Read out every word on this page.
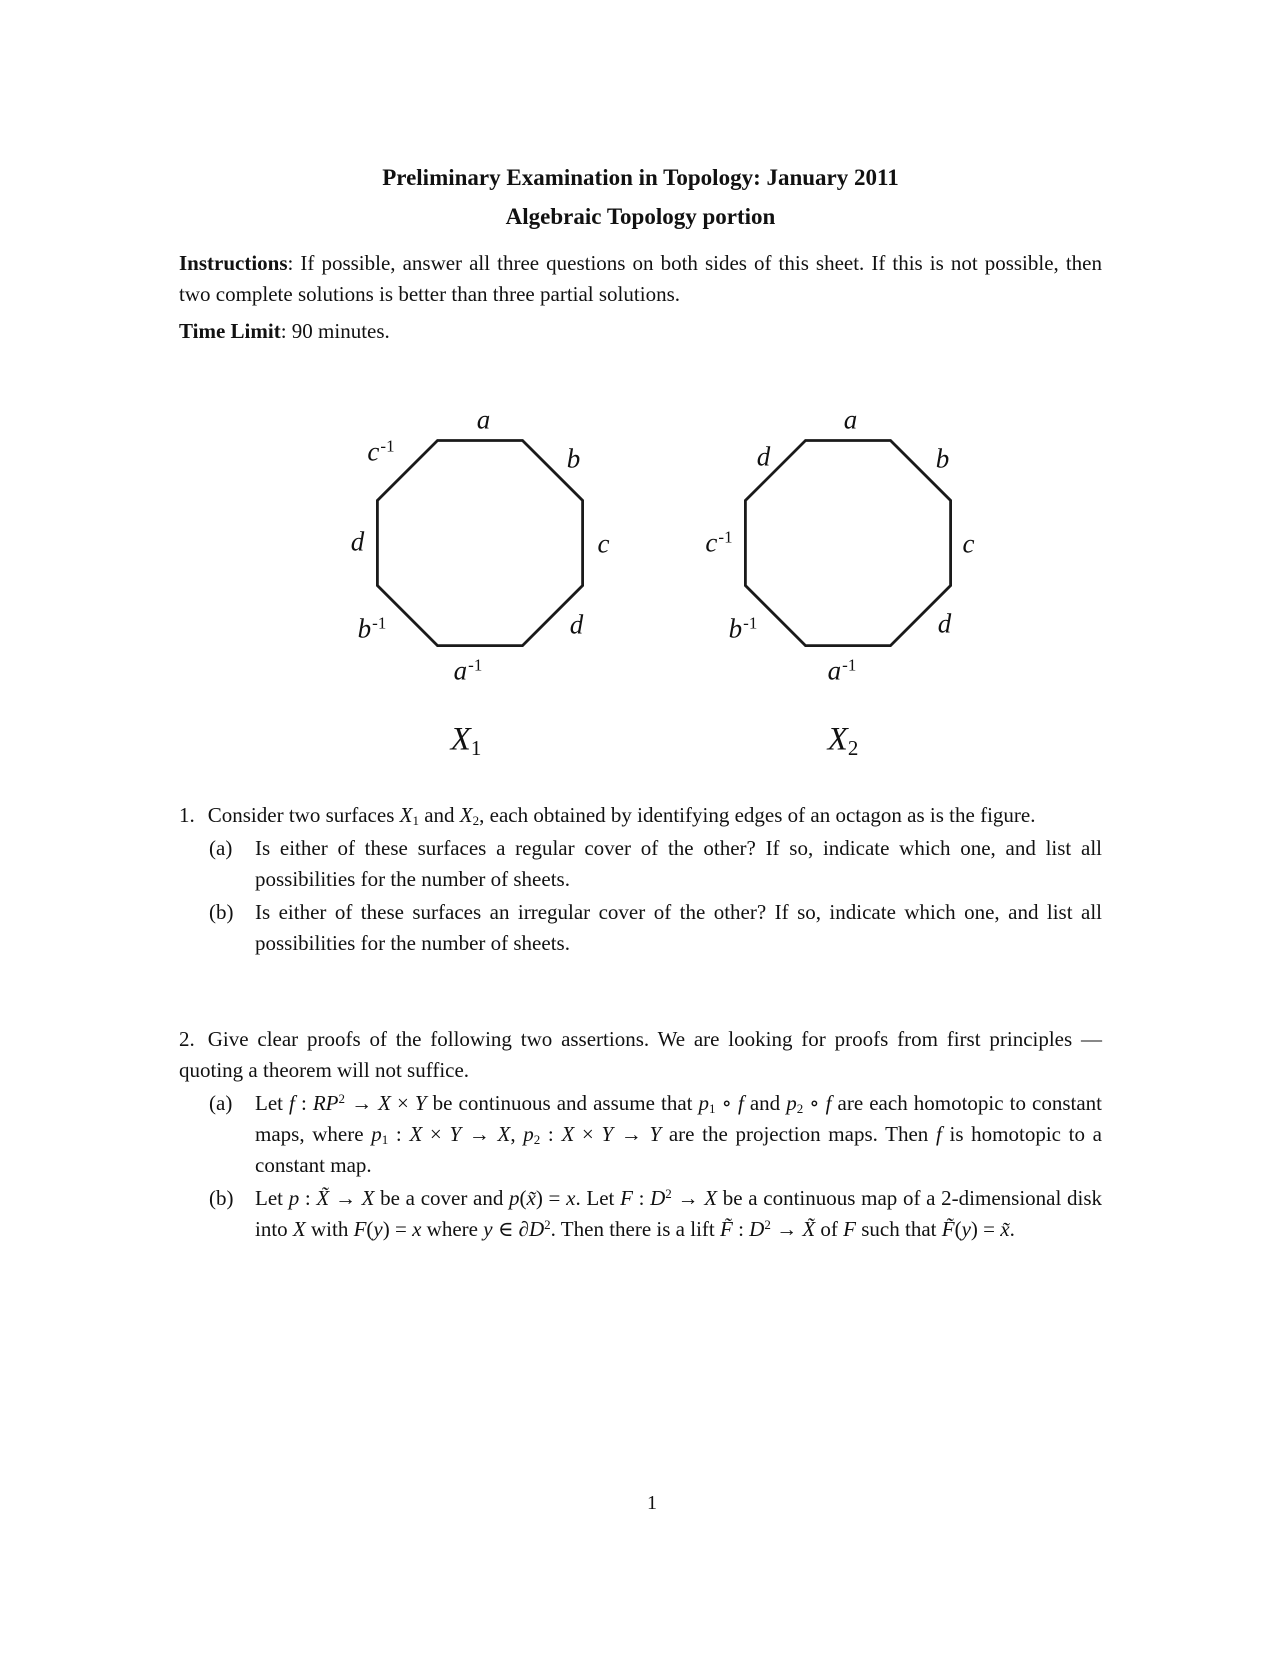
Preliminary Examination in Topology: January 2011
Algebraic Topology portion

Instructions: If possible, answer all three questions on both sides of this sheet. If this is not possible, then two complete solutions is better than three partial solutions.

Time Limit: 90 minutes.

a
b
c
d
$a^{-1}$
$b^{-1}$
d
$c^{-1}$
$X_1$
a
b
c
d
$a^{-1}$
$b^{-1}$
$c^{-1}$
d
$X_2$

1. Consider two surfaces $X_1$ and $X_2$, each obtained by identifying edges of an octagon as is the figure.

(a)	Is either of these surfaces a regular cover of the other? If so, indicate which one, and list all possibilities for the number of sheets.
(b)	Is either of these surfaces an irregular cover of the other? If so, indicate which one, and list all possibilities for the number of sheets.

2. Give clear proofs of the following two assertions. We are looking for proofs from first principles — quoting a theorem will not suffice.

(a)	Let f : $RP^2 \to X \times Y$ be continuous and assume that $p_1$ ∘ f and $p_2$ ∘ f are each homotopic to constant maps, where $p_1$ : X × Y → X, $p_2$ : X × Y → Y are the projection maps. Then f is homotopic to a constant map.
(b)	Let p : X̃ → X be a cover and p(x̃) = x. Let F : $D^2 \to X$ be a continuous map of a 2-dimensional disk into X with F(y) = x where y ∈ $\partial D^2$. Then there is a lift F̃ : $D^2$ → X̃ of F such that F̃(y) = x̃.
1
